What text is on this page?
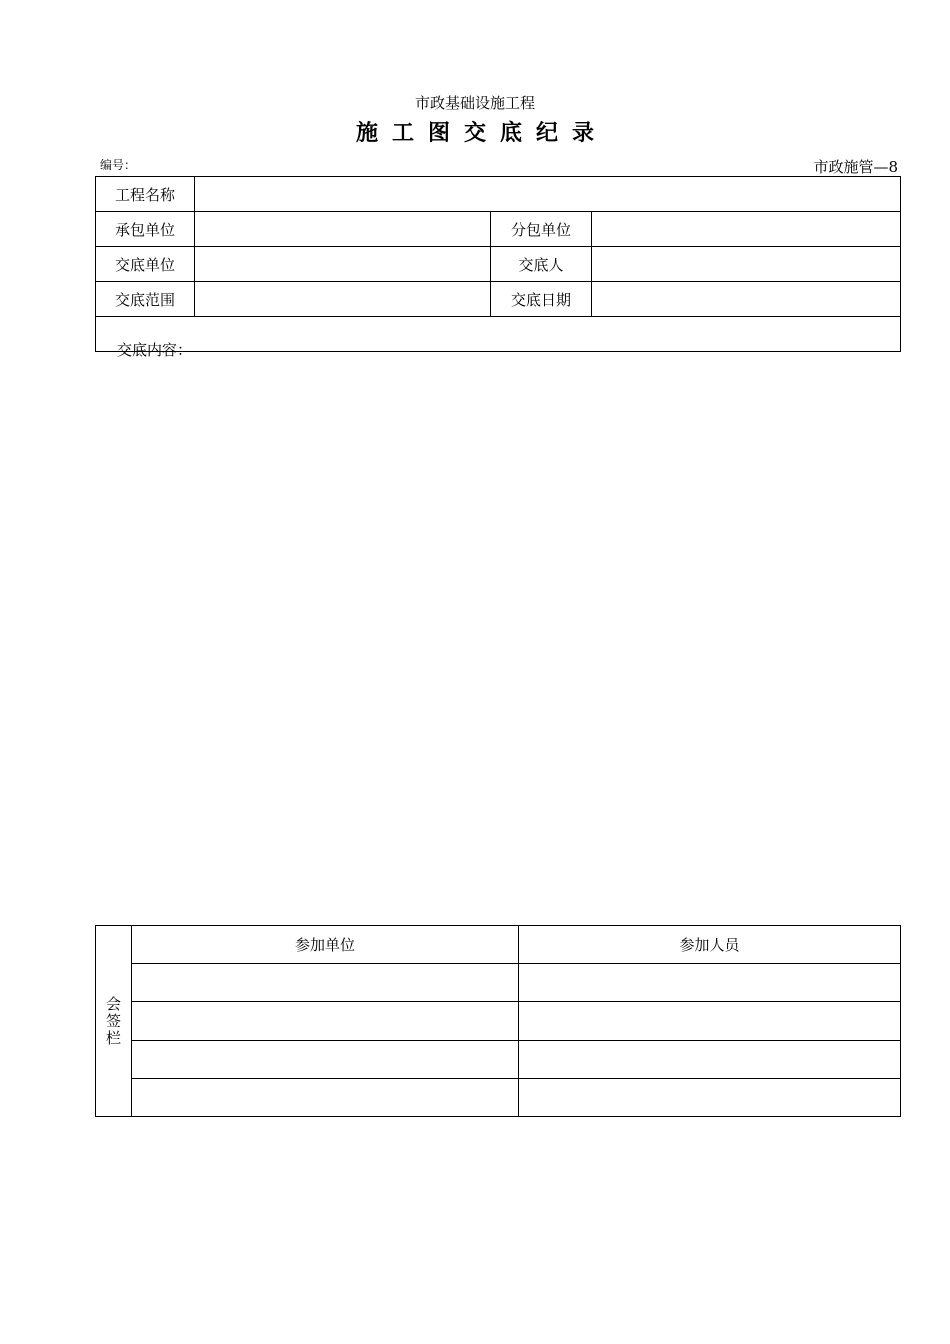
市政基础设施工程
施工图交底纪录
编号：	市政施管—8
工程名称			
承包单位		分包单位	
交底单位		交底人	
交底范围		交底日期	

交底内容：			
会
签
栏	参加单位	参加人员
